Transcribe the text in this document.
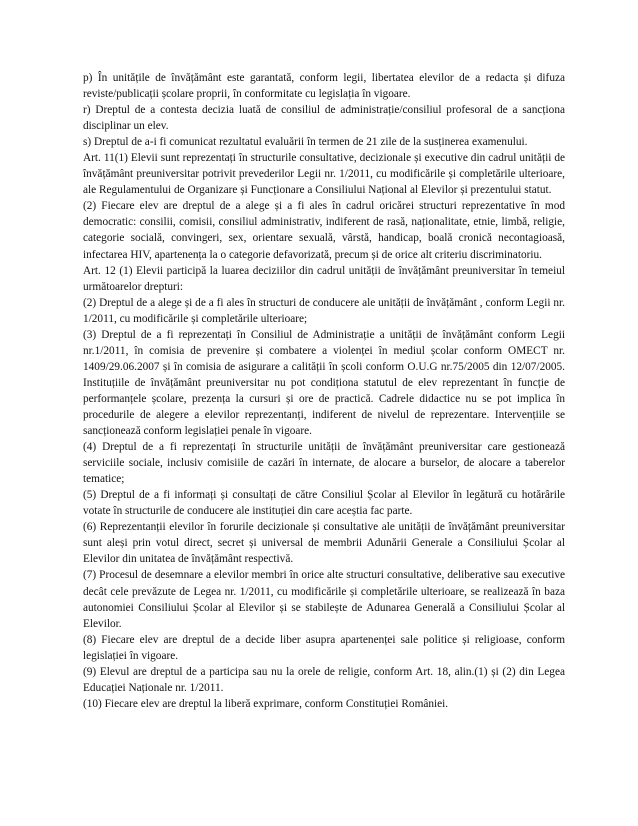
p) În unitățile de învățământ este garantată, conform legii, libertatea elevilor de a redacta și difuza reviste/publicații școlare proprii, în conformitate cu legislația în vigoare.

r) Dreptul de a contesta decizia luată de consiliul de administrație/consiliul profesoral de a sancționa disciplinar un elev.

s) Dreptul de a-i fi comunicat rezultatul evaluării în termen de 21 zile de la susținerea examenului.

Art. 11(1) Elevii sunt reprezentați în structurile consultative, decizionale și executive din cadrul unității de învățământ preuniversitar potrivit prevederilor Legii nr. 1/2011, cu modificările și completările ulterioare, ale Regulamentului de Organizare și Funcționare a Consiliului Național al Elevilor și prezentului statut.

(2) Fiecare elev are dreptul de a alege și a fi ales în cadrul oricărei structuri reprezentative în mod democratic: consilii, comisii, consiliul administrativ, indiferent de rasă, naționalitate, etnie, limbă, religie, categorie socială, convingeri, sex, orientare sexuală, vârstă, handicap, boală cronică necontagioasă, infectarea HIV, apartenența la o categorie defavorizată, precum și de orice alt criteriu discriminatoriu.

Art. 12 (1) Elevii participă la luarea deciziilor din cadrul unității de învățământ preuniversitar în temeiul următoarelor drepturi:

(2) Dreptul de a alege și de a fi ales în structuri de conducere ale unității de învățământ , conform Legii nr. 1/2011, cu modificările și completările ulterioare;

(3) Dreptul de a fi reprezentați în Consiliul de Administrație a unității de învățământ conform Legii nr.1/2011, în comisia de prevenire și combatere a violenței în mediul școlar conform OMECT nr. 1409/29.06.2007 și în comisia de asigurare a calității în școli conform O.U.G nr.75/2005 din 12/07/2005. Instituțiile de învățământ preuniversitar nu pot condiționa statutul de elev reprezentant în funcție de performanțele școlare, prezența la cursuri și ore de practică. Cadrele didactice nu se pot implica în procedurile de alegere a elevilor reprezentanți, indiferent de nivelul de reprezentare. Intervențiile se sancționează conform legislației penale în vigoare.

(4) Dreptul de a fi reprezentați în structurile unității de învățământ preuniversitar care gestionează serviciile sociale, inclusiv comisiile de cazări în internate, de alocare a burselor, de alocare a taberelor tematice;

(5) Dreptul de a fi informați și consultați de către Consiliul Școlar al Elevilor în legătură cu hotărârile votate în structurile de conducere ale instituției din care aceștia fac parte.

(6) Reprezentanții elevilor în forurile decizionale și consultative ale unității de învățământ preuniversitar sunt aleși prin votul direct, secret și universal de membrii Adunării Generale a Consiliului Școlar al Elevilor din unitatea de învățământ respectivă.

(7) Procesul de desemnare a elevilor membri în orice alte structuri consultative, deliberative sau executive decât cele prevăzute de Legea nr. 1/2011, cu modificările și completările ulterioare, se realizează în baza autonomiei Consiliului Școlar al Elevilor și se stabilește de Adunarea Generală a Consiliului Școlar al Elevilor.

(8) Fiecare elev are dreptul de a decide liber asupra apartenenței sale politice și religioase, conform legislației în vigoare.

(9) Elevul are dreptul de a participa sau nu la orele de religie, conform Art. 18, alin.(1) și (2) din Legea Educației Naționale nr. 1/2011.

(10) Fiecare elev are dreptul la liberă exprimare, conform Constituției României.
